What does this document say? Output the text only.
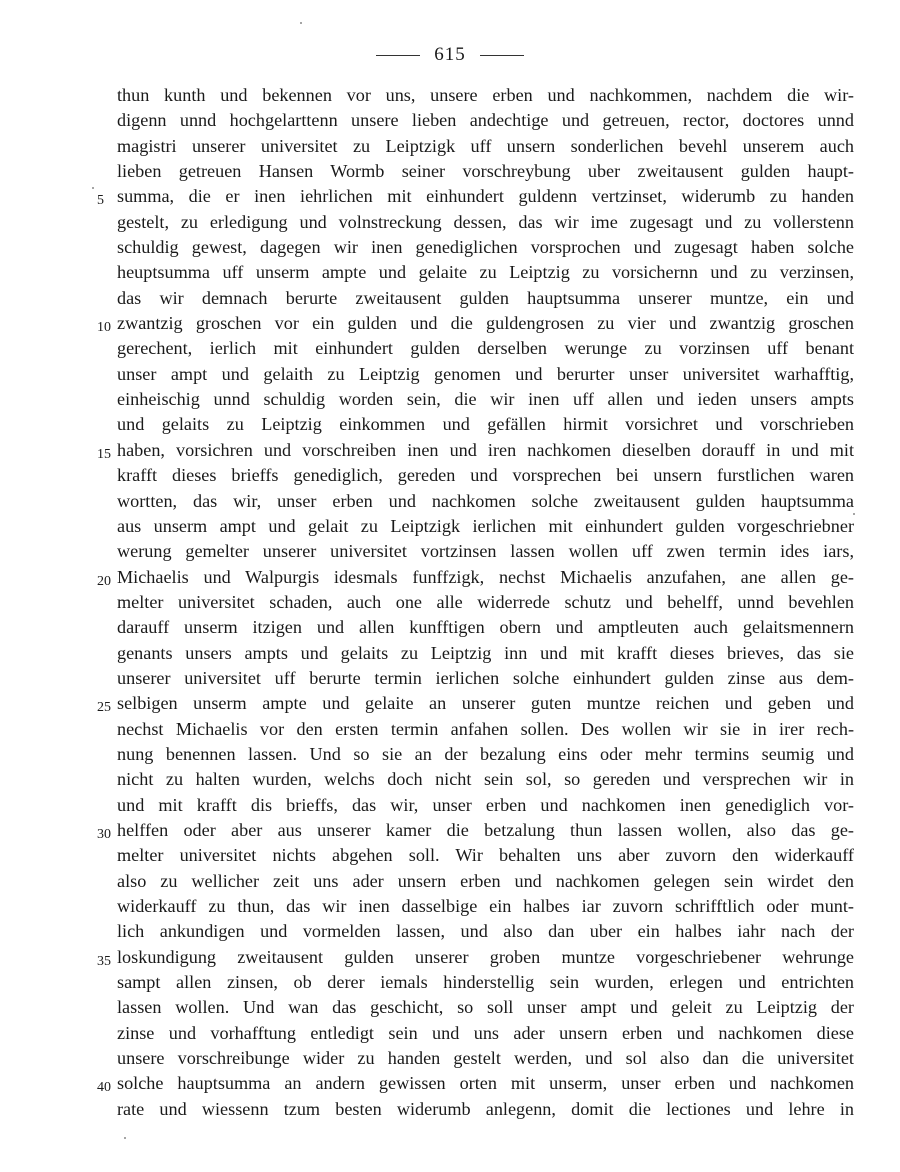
615
thun kunth und bekennen vor uns, unsere erben und nachkommen, nachdem die wir-
digenn unnd hochgelarttenn unsere lieben andechtige und getreuen, rector, doctores unnd
magistri unserer universitet zu Leiptzigk uff unsern sonderlichen bevehl unserem auch
lieben getreuen Hansen Wormb seiner vorschreybung uber zweitausent gulden haupt-
5 summa, die er inen iehrlichen mit einhundert guldenn vertzinset, widerumb zu handen
gestelt, zu erledigung und volnstreckung dessen, das wir ime zugesagt und zu vollerstenn
schuldig gewest, dagegen wir inen genediglichen vorsprochen und zugesagt haben solche
heuptsumma uff unserm ampte und gelaite zu Leiptzig zu vorsichernn und zu verzinsen,
das wir demnach berurte zweitausent gulden hauptsumma unserer muntze, ein und
10 zwantzig groschen vor ein gulden und die guldengrosen zu vier und zwantzig groschen
gerechent, ierlich mit einhundert gulden derselben werunge zu vorzinsen uff benant
unser ampt und gelaith zu Leiptzig genomen und berurter unser universitet warhafftig,
einheischig unnd schuldig worden sein, die wir inen uff allen und ieden unsers ampts
und gelaits zu Leiptzig einkommen und gefällen hirmit vorsichret und vorschrieben
15 haben, vorsichren und vorschreiben inen und iren nachkomen dieselben dorauff in und mit
krafft dieses brieffs genediglich, gereden und vorsprechen bei unsern furstlichen waren
wortten, das wir, unser erben und nachkomen solche zweitausent gulden hauptsumma
aus unserm ampt und gelait zu Leiptzigk ierlichen mit einhundert gulden vorgeschriebner
werung gemelter unserer universitet vortzinsen lassen wollen uff zwen termin ides iars,
20 Michaelis und Walpurgis idesmals funffzigk, nechst Michaelis anzufahen, ane allen ge-
melter universitet schaden, auch one alle widerrede schutz und behelff, unnd bevehlen
darauff unserm itzigen und allen kunfftigen obern und amptleuten auch gelaitsmennern
genants unsers ampts und gelaits zu Leiptzig inn und mit krafft dieses brieves, das sie
unserer universitet uff berurte termin ierlichen solche einhundert gulden zinse aus dem-
25 selbigen unserm ampte und gelaite an unserer guten muntze reichen und geben und
nechst Michaelis vor den ersten termin anfahen sollen. Des wollen wir sie in irer rech-
nung benennen lassen. Und so sie an der bezalung eins oder mehr termins seumig und
nicht zu halten wurden, welchs doch nicht sein sol, so gereden und versprechen wir in
und mit krafft dis brieffs, das wir, unser erben und nachkomen inen genediglich vor-
30 helffen oder aber aus unserer kamer die betzalung thun lassen wollen, also das ge-
melter universitet nichts abgehen soll. Wir behalten uns aber zuvorn den widerkauff
also zu wellicher zeit uns ader unsern erben und nachkomen gelegen sein wirdet den
widerkauff zu thun, das wir inen dasselbige ein halbes iar zuvorn schrifftlich oder munt-
lich ankundigen und vormelden lassen, und also dan uber ein halbes iahr nach der
35 loskundigung zweitausent gulden unserer groben muntze vorgeschriebener wehrunge
sampt allen zinsen, ob derer iemals hinderstellig sein wurden, erlegen und entrichten
lassen wollen. Und wan das geschicht, so soll unser ampt und geleit zu Leiptzig der
zinse und vorhafftung entledigt sein und uns ader unsern erben und nachkomen diese
unsere vorschreibunge wider zu handen gestelt werden, und sol also dan die universitet
40 solche hauptsumma an andern gewissen orten mit unserm, unser erben und nachkomen
rate und wiessenn tzum besten widerumb anlegenn, domit die lectiones und lehre in
